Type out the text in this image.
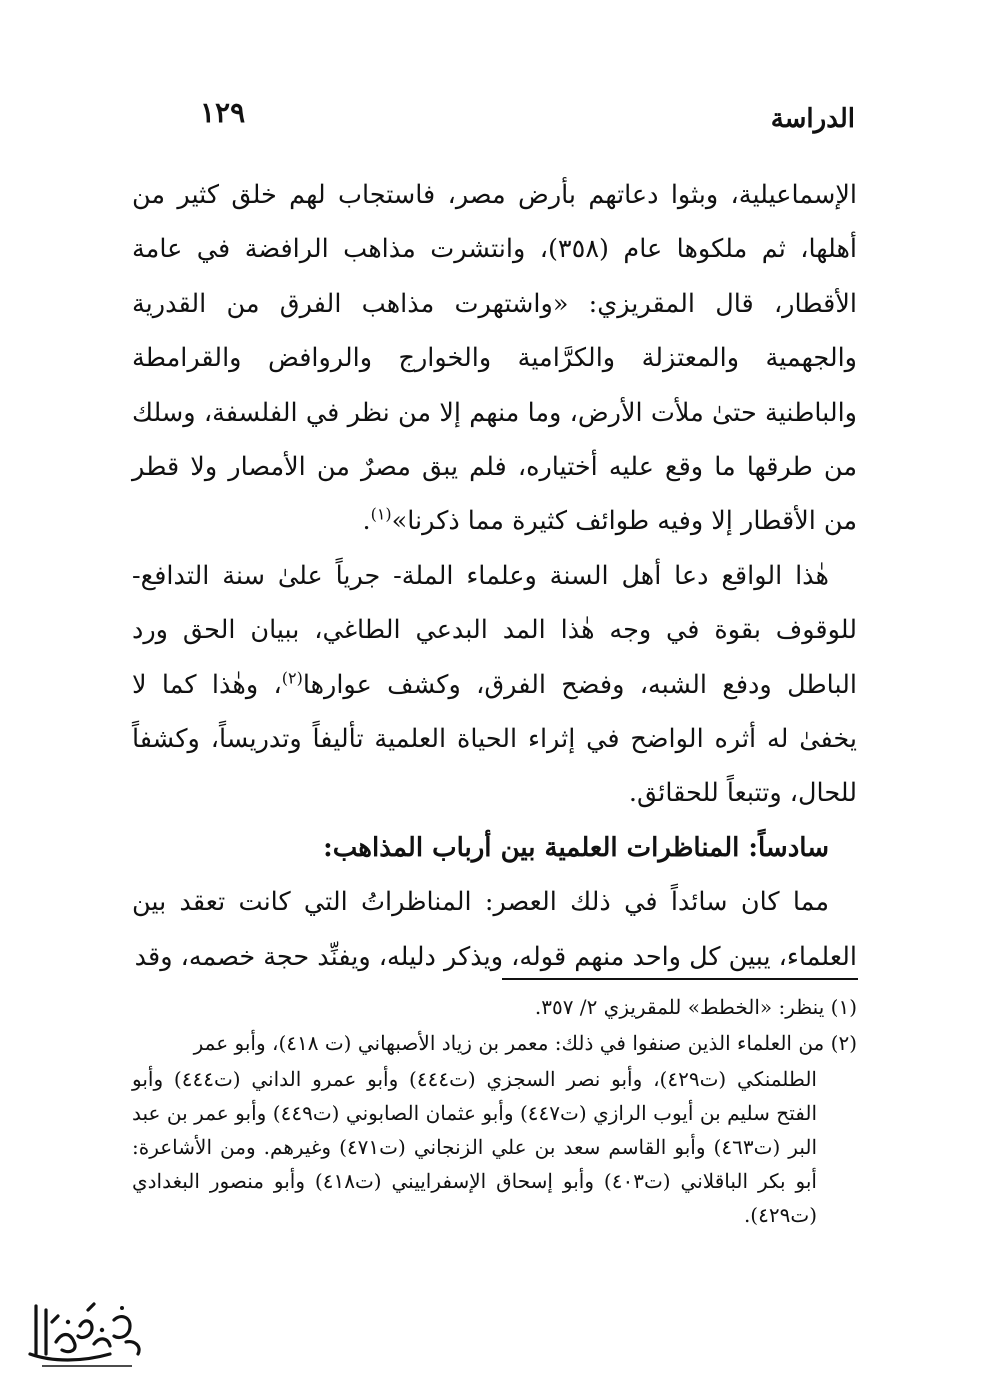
الدراسة
١٢٩

الإسماعيلية، وبثوا دعاتهم بأرض مصر، فاستجاب لهم خلق كثير من أهلها، ثم ملكوها عام (٣٥٨)، وانتشرت مذاهب الرافضة في عامة الأقطار، قال المقريزي: «واشتهرت مذاهب الفرق من القدرية والجهمية والمعتزلة والكرَّامية والخوارج والروافض والقرامطة والباطنية حتىٰ ملأت الأرض، وما منهم إلا من نظر في الفلسفة، وسلك من طرقها ما وقع عليه أختياره، فلم يبق مصرٌ من الأمصار ولا قطر من الأقطار إلا وفيه طوائف كثيرة مما ذكرنا»$^{(١)}$.

هٰذا الواقع دعا أهل السنة وعلماء الملة- جرياً علىٰ سنة التدافع- للوقوف بقوة في وجه هٰذا المد البدعي الطاغي، ببيان الحق ورد الباطل ودفع الشبه، وفضح الفرق، وكشف عوارها$^{(٢)}$، وهٰذا كما لا يخفىٰ له أثره الواضح في إثراء الحياة العلمية تأليفاً وتدريساً، وكشفاً للحال، وتتبعاً للحقائق.

سادساً: المناظرات العلمية بين أرباب المذاهب:

مما كان سائداً في ذلك العصر: المناظراتُ التي كانت تعقد بين العلماء، يبين كل واحد منهم قوله، ويذكر دليله، ويفنِّد حجة خصمه، وقد

(١) ينظر: «الخطط» للمقريزي ٢/ ٣٥٧.

(٢) من العلماء الذين صنفوا في ذلك: معمر بن زياد الأصبهاني (ت ٤١٨)، وأبو عمر

الطلمنكي (ت٤٢٩)، وأبو نصر السجزي (ت٤٤٤) وأبو عمرو الداني (ت٤٤٤) وأبو الفتح سليم بن أيوب الرازي (ت٤٤٧) وأبو عثمان الصابوني (ت٤٤٩) وأبو عمر بن عبد البر (ت٤٦٣) وأبو القاسم سعد بن علي الزنجاني (ت٤٧١) وغيرهم. ومن الأشاعرة: أبو بكر الباقلاني (ت٤٠٣) وأبو إسحاق الإسفراييني (ت٤١٨) وأبو منصور البغدادي (ت٤٢٩).
